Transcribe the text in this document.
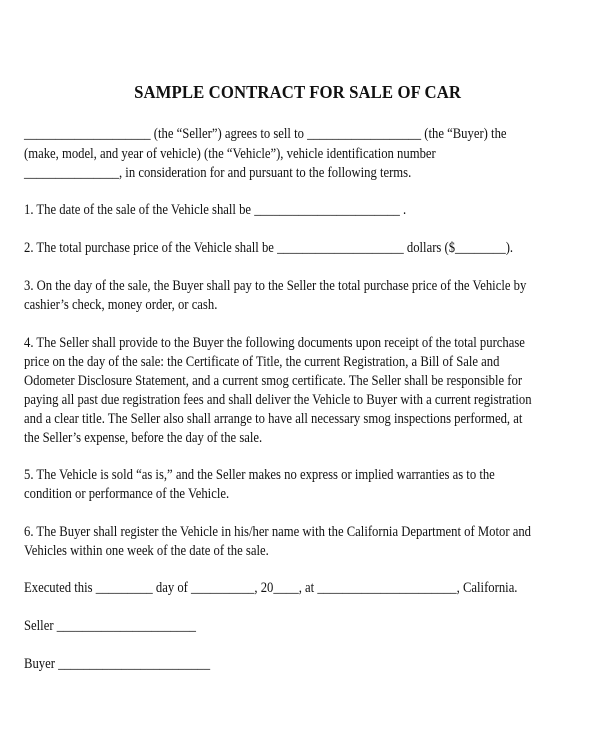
SAMPLE CONTRACT FOR SALE OF CAR
____________________ (the “Seller”) agrees to sell to __________________ (the “Buyer) the
(make, model, and year of vehicle) (the “Vehicle”), vehicle identification number
_______________, in consideration for and pursuant to the following terms.
1. The date of the sale of the Vehicle shall be _______________________ .
2. The total purchase price of the Vehicle shall be ____________________ dollars ($________).
3. On the day of the sale, the Buyer shall pay to the Seller the total purchase price of the Vehicle by
cashier’s check, money order, or cash.
4. The Seller shall provide to the Buyer the following documents upon receipt of the total purchase
price on the day of the sale: the Certificate of Title, the current Registration, a Bill of Sale and
Odometer Disclosure Statement, and a current smog certificate. The Seller shall be responsible for
paying all past due registration fees and shall deliver the Vehicle to Buyer with a current registration
and a clear title. The Seller also shall arrange to have all necessary smog inspections performed, at
the Seller’s expense, before the day of the sale.
5. The Vehicle is sold “as is,” and the Seller makes no express or implied warranties as to the
condition or performance of the Vehicle.
6. The Buyer shall register the Vehicle in his/her name with the California Department of Motor and
Vehicles within one week of the date of the sale.
Executed this _________ day of __________, 20____, at ______________________, California.
Seller ______________________
Buyer ________________________
